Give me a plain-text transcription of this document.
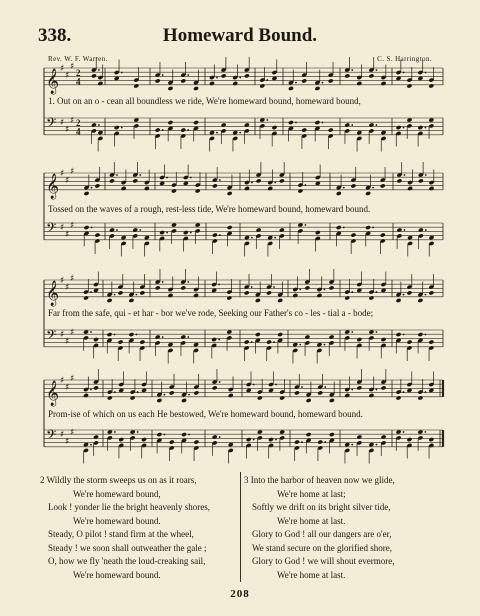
338.	Homeward Bound.
Rev. W. F. Warren.	C. S. Harrington.
𝄞 ♯
♯
♯
2
4
𝄢 ♯
♯
♯ 2
4
1. Out on an o - cean all boundless we ride, We're homeward bound, homeward bound,
𝄞 ♯
♯
♯
𝄢 ♯
♯
♯
Tossed on the waves of a rough, rest-less tide, We're homeward bound, homeward bound.
𝄞 ♯
♯
♯
𝄢 ♯
♯
♯
Far from the safe, qui - et har - bor we've rode, Seeking our Father's co - les - tial a - bode;
𝄞 ♯
♯
♯
𝄢 ♯
♯
♯
Prom-ise of which on us each He bestowed, We're homeward bound, homeward bound.
2 Wildly the storm sweeps us on as it roars,
We're homeward bound,
Look ! yonder lie the bright heavenly shores,
We're homeward bound.
Steady, O pilot ! stand firm at the wheel,
Steady ! we soon shall outweather the gale ;
O, how we fly 'neath the loud-creaking sail,
We're homeward bound.
3 Into the harbor of heaven now we glide,
We're home at last;
Softly we drift on its bright silver tide,
We're home at last.
Glory to God ! all our dangers are o'er,
We stand secure on the glorified shore,
Glory to God ! we will shout evermore,
We're home at last.
208
